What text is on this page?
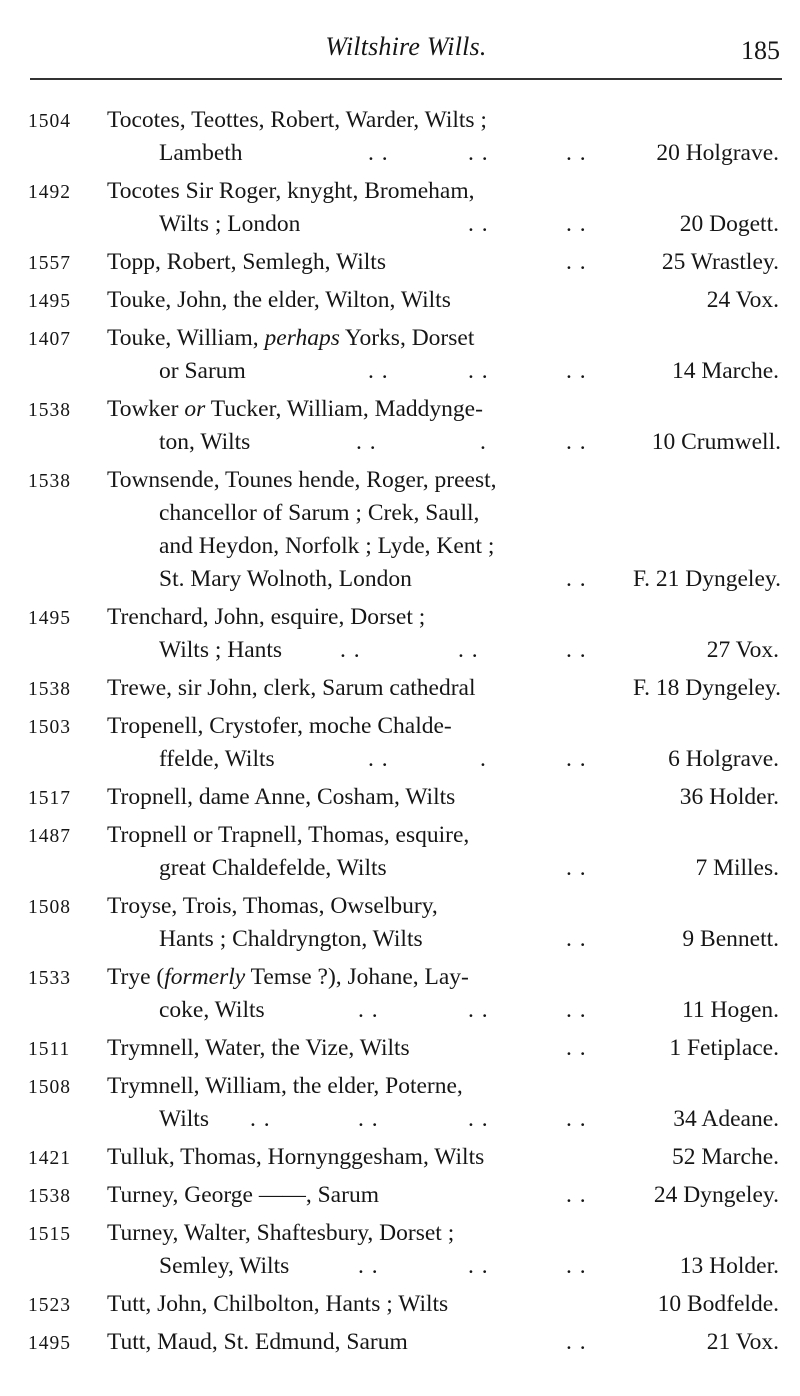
Wiltshire Wills.	185
1504 Tocotes, Teottes, Robert, Warder, Wilts ;
Lambeth	. .	. .	. .	20 Holgrave.
1492 Tocotes Sir Roger, knyght, Bromeham,
Wilts ; London	. .	. .	20 Dogett.
1557 Topp, Robert, Semlegh, Wilts	. .	25 Wrastley.
1495 Touke, John, the elder, Wilton, Wilts	24 Vox.
1407 Touke, William, perhaps Yorks, Dorset
or Sarum	. .	. .	. .	14 Marche.
1538 Towker or Tucker, William, Maddynge-
ton, Wilts	. .	.	. .	10 Crumwell.
1538 Townsende, Tounes hende, Roger, preest,
chancellor of Sarum ; Crek, Saull,
and Heydon, Norfolk ; Lyde, Kent ;
St. Mary Wolnoth, London	. . F. 21 Dyngeley.
1495 Trenchard, John, esquire, Dorset ;
Wilts ; Hants	. .	. .	. .	27 Vox.
1538 Trewe, sir John, clerk, Sarum cathedral	F. 18 Dyngeley.
1503 Tropenell, Crystofer, moche Chalde-
ffelde, Wilts	. .	.	. .	6 Holgrave.
1517 Tropnell, dame Anne, Cosham, Wilts	36 Holder.
1487 Tropnell or Trapnell, Thomas, esquire,
great Chaldefelde, Wilts	. .	7 Milles.
1508 Troyse, Trois, Thomas, Owselbury,
Hants ; Chaldryngton, Wilts	. .	9 Bennett.
1533 Trye (formerly Temse ?), Johane, Lay-
coke, Wilts	. .	. .	. .	11 Hogen.
1511 Trymnell, Water, the Vize, Wilts	. .	1 Fetiplace.
1508 Trymnell, William, the elder, Poterne,
Wilts	. .	. .	. .	. .	34 Adeane.
1421 Tulluk, Thomas, Hornynggesham, Wilts	52 Marche.
1538 Turney, George ——, Sarum	. .	24 Dyngeley.
1515 Turney, Walter, Shaftesbury, Dorset ;
Semley, Wilts	. .	. .	. .	13 Holder.
1523 Tutt, John, Chilbolton, Hants ; Wilts	10 Bodfelde.
1495 Tutt, Maud, St. Edmund, Sarum	. .	21 Vox.
